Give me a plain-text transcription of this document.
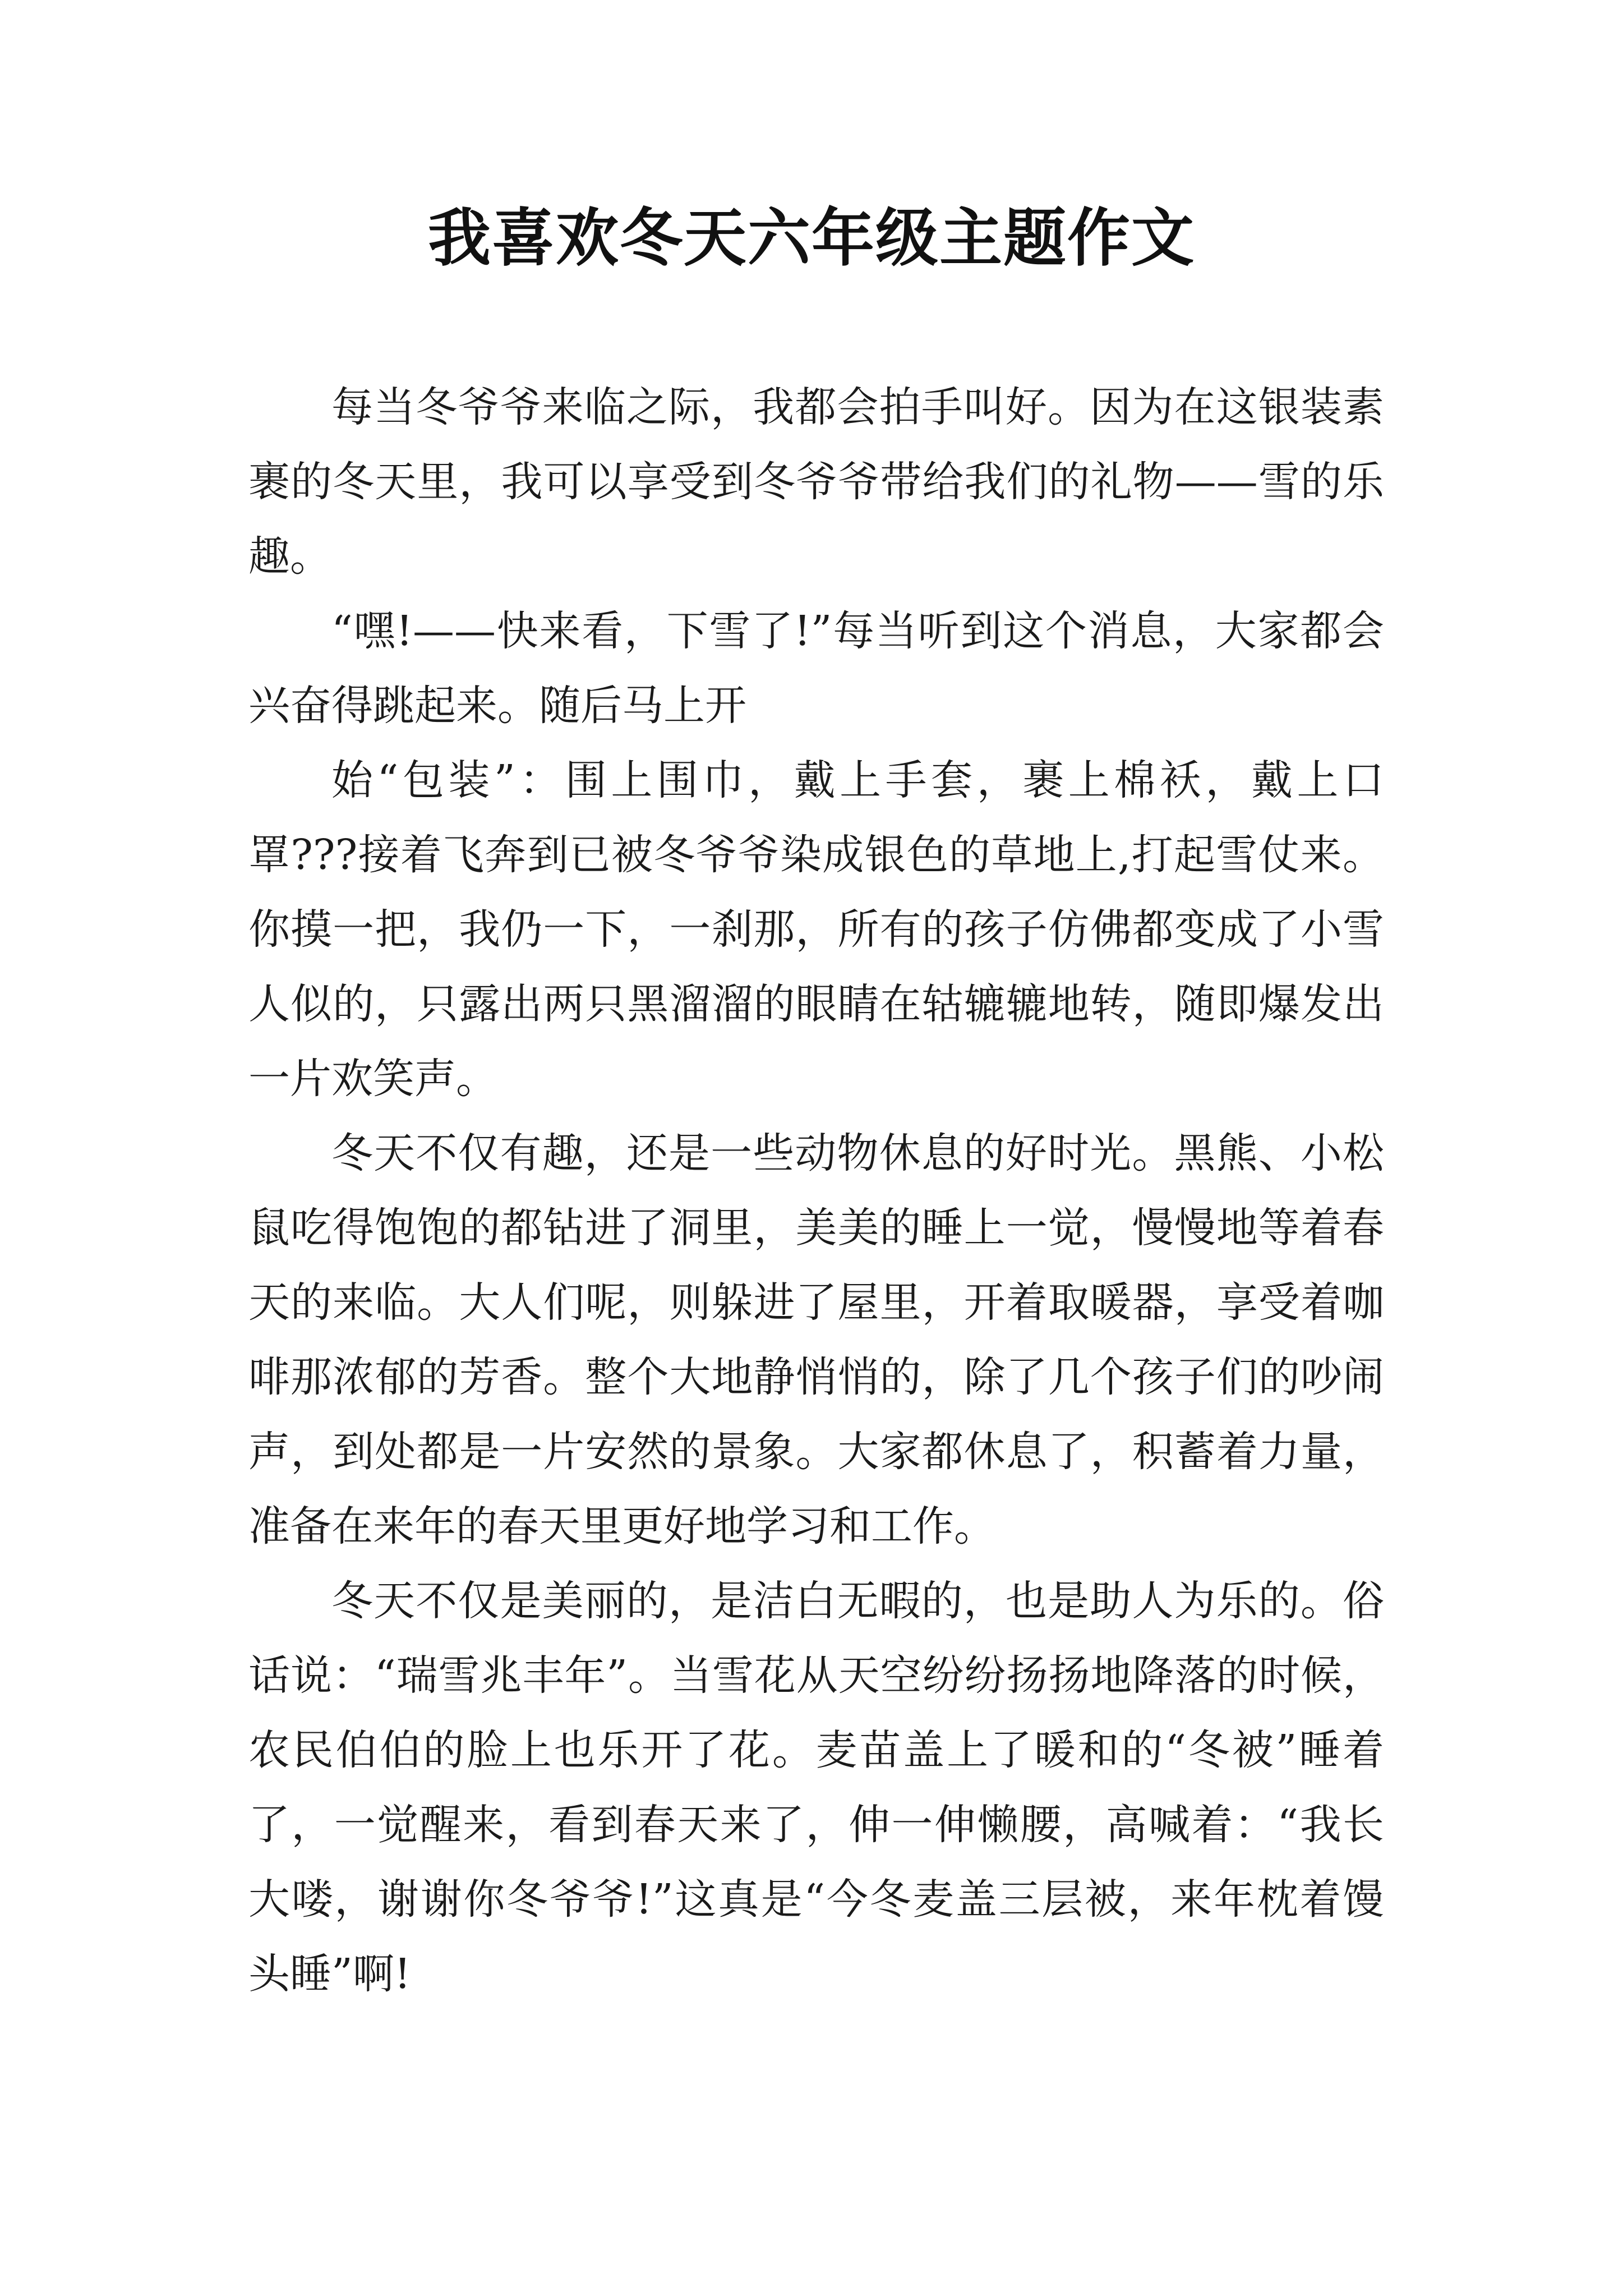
我喜欢冬天六年级主题作文

每当冬爷爷来临之际，我都会拍手叫好。因为在这银装素裹的冬天里，我可以享受到冬爷爷带给我们的礼物——雪的乐趣。

“嘿!——快来看，下雪了!”每当听到这个消息，大家都会兴奋得跳起来。随后马上开

始“包装”：围上围巾，戴上手套，裹上棉袄，戴上口罩???接着飞奔到已被冬爷爷染成银色的草地上,打起雪仗来。你摸一把，我仍一下，一刹那，所有的孩子仿佛都变成了小雪人似的，只露出两只黑溜溜的眼睛在轱辘辘地转，随即爆发出一片欢笑声。

冬天不仅有趣，还是一些动物休息的好时光。黑熊、小松鼠吃得饱饱的都钻进了洞里，美美的睡上一觉，慢慢地等着春天的来临。大人们呢，则躲进了屋里，开着取暖器，享受着咖啡那浓郁的芳香。整个大地静悄悄的，除了几个孩子们的吵闹声，到处都是一片安然的景象。大家都休息了，积蓄着力量，准备在来年的春天里更好地学习和工作。

冬天不仅是美丽的，是洁白无暇的，也是助人为乐的。俗话说：“瑞雪兆丰年”。当雪花从天空纷纷扬扬地降落的时候，农民伯伯的脸上也乐开了花。麦苗盖上了暖和的“冬被”睡着了，一觉醒来，看到春天来了，伸一伸懒腰，高喊着：“我长大喽，谢谢你冬爷爷!”这真是“今冬麦盖三层被，来年枕着馒头睡”啊!
